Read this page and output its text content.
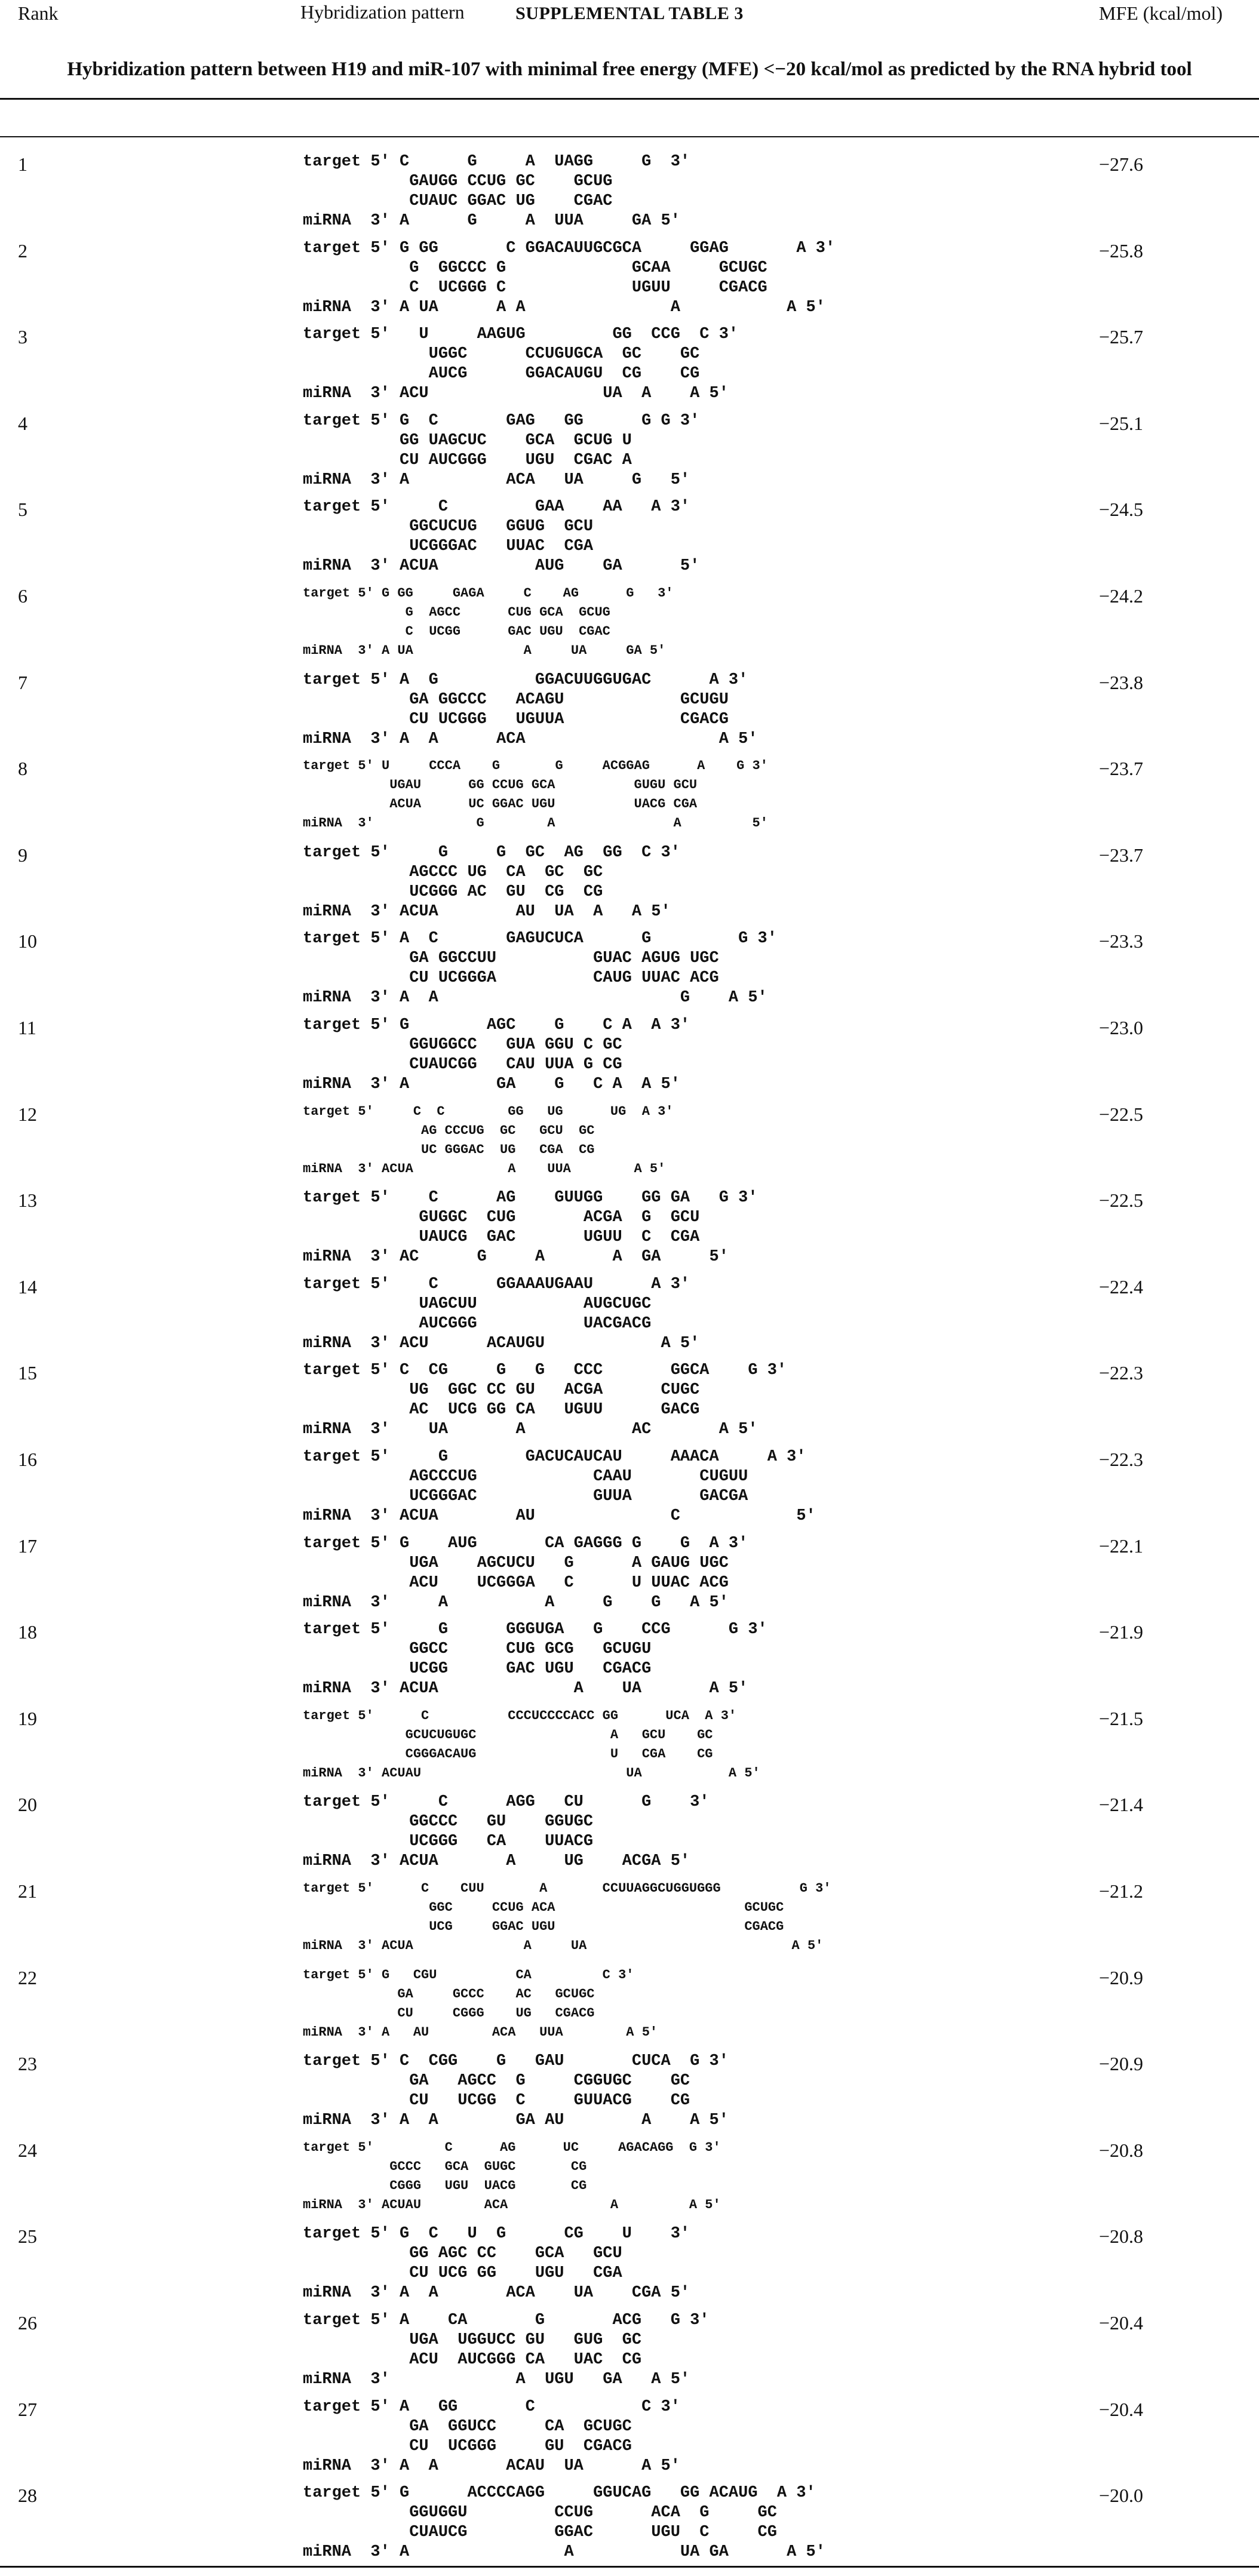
SUPPLEMENTAL TABLE 3
Hybridization pattern between H19 and miR-107 with minimal free energy (MFE) <−20 kcal/mol as predicted by the RNA hybrid tool
Rank	Hybridization pattern	MFE (kcal/mol)
1	target 5' C      G     A  UAGG     G  3'
GAUGG CCUG GC    GCUG
CUAUC GGAC UG    CGAC
miRNA  3' A      G     A  UUA     GA 5'
−27.6
2	target 5' G GG       C GGACAUUGCGCA     GGAG       A 3'
G  GGCCC G             GCAA     GCUGC
C  UCGGG C             UGUU     CGACG
miRNA  3' A UA      A A               A           A 5'
−25.8
3	target 5'   U     AAGUG         GG  CCG  C 3'
UGGC      CCUGUGCA  GC    GC
AUCG      GGACAUGU  CG    CG
miRNA  3' ACU                  UA  A    A 5'
−25.7
4	target 5' G  C       GAG   GG      G G 3'
GG UAGCUC    GCA  GCUG U
CU AUCGGG    UGU  CGAC A
miRNA  3' A          ACA   UA     G   5'
−25.1
5	target 5'     C         GAA    AA   A 3'
GGCUCUG   GGUG  GCU
UCGGGAC   UUAC  CGA
miRNA  3' ACUA          AUG    GA      5'
−24.5
6	target 5' G GG     GAGA     C    AG      G   3'
G  AGCC      CUG GCA  GCUG
C  UCGG      GAC UGU  CGAC
miRNA  3' A UA              A     UA     GA 5'
−24.2
7	target 5' A  G          GGACUUGGUGAC      A 3'
GA GGCCC   ACAGU            GCUGU
CU UCGGG   UGUUA            CGACG
miRNA  3' A  A      ACA                    A 5'
−23.8
8	target 5' U     CCCA    G       G     ACGGAG      A    G 3'
UGAU      GG CCUG GCA          GUGU GCU
ACUA      UC GGAC UGU          UACG CGA
miRNA  3'             G        A               A         5'
−23.7
9	target 5'     G     G  GC  AG  GG  C 3'
AGCCC UG  CA  GC  GC
UCGGG AC  GU  CG  CG
miRNA  3' ACUA        AU  UA  A   A 5'
−23.7
10	target 5' A  C       GAGUCUCA      G         G 3'
GA GGCCUU          GUAC AGUG UGC
CU UCGGGA          CAUG UUAC ACG
miRNA  3' A  A                         G    A 5'
−23.3
11	target 5' G        AGC    G    C A  A 3'
GGUGGCC   GUA GGU C GC
CUAUCGG   CAU UUA G CG
miRNA  3' A         GA    G   C A  A 5'
−23.0
12	target 5'     C  C        GG   UG      UG  A 3'
AG CCCUG  GC   GCU  GC
UC GGGAC  UG   CGA  CG
miRNA  3' ACUA            A    UUA        A 5'
−22.5
13	target 5'    C      AG    GUUGG    GG GA   G 3'
GUGGC  CUG       ACGA  G  GCU
UAUCG  GAC       UGUU  C  CGA
miRNA  3' AC      G     A       A  GA     5'
−22.5
14	target 5'    C      GGAAAUGAAU      A 3'
UAGCUU           AUGCUGC
AUCGGG           UACGACG
miRNA  3' ACU      ACAUGU            A 5'
−22.4
15	target 5' C  CG     G   G   CCC       GGCA    G 3'
UG  GGC CC GU   ACGA      CUGC
AC  UCG GG CA   UGUU      GACG
miRNA  3'    UA       A           AC       A 5'
−22.3
16	target 5'     G        GACUCAUCAU     AAACA     A 3'
AGCCCUG            CAAU       CUGUU
UCGGGAC            GUUA       GACGA
miRNA  3' ACUA        AU              C            5'
−22.3
17	target 5' G    AUG       CA GAGGG G    G  A 3'
UGA    AGCUCU   G      A GAUG UGC
ACU    UCGGGA   C      U UUAC ACG
miRNA  3'     A          A     G    G   A 5'
−22.1
18	target 5'     G      GGGUGA   G    CCG      G 3'
GGCC      CUG GCG   GCUGU
UCGG      GAC UGU   CGACG
miRNA  3' ACUA              A    UA       A 5'
−21.9
19	target 5'      C          CCCUCCCCACC GG      UCA  A 3'
GCUCUGUGC                 A   GCU    GC
CGGGACAUG                 U   CGA    CG
miRNA  3' ACUAU                          UA           A 5'
−21.5
20	target 5'     C      AGG   CU      G    3'
GGCCC   GU    GGUGC
UCGGG   CA    UUACG
miRNA  3' ACUA       A     UG    ACGA 5'
−21.4
21	target 5'      C    CUU       A       CCUUAGGCUGGUGGG          G 3'
GGC     CCUG ACA                        GCUGC
UCG     GGAC UGU                        CGACG
miRNA  3' ACUA              A     UA                          A 5'
−21.2
22	target 5' G   CGU          CA         C 3'
GA     GCCC    AC   GCUGC
CU     CGGG    UG   CGACG
miRNA  3' A   AU        ACA   UUA        A 5'
−20.9
23	target 5' C  CGG    G   GAU       CUCA  G 3'
GA   AGCC  G     CGGUGC    GC
CU   UCGG  C     GUUACG    CG
miRNA  3' A  A        GA AU        A    A 5'
−20.9
24	target 5'         C      AG      UC     AGACAGG  G 3'
GCCC   GCA  GUGC       CG
CGGG   UGU  UACG       CG
miRNA  3' ACUAU        ACA             A         A 5'
−20.8
25	target 5' G  C   U  G      CG    U    3'
GG AGC CC    GCA   GCU
CU UCG GG    UGU   CGA
miRNA  3' A  A       ACA    UA    CGA 5'
−20.8
26	target 5' A    CA       G       ACG   G 3'
UGA  UGGUCC GU   GUG  GC
ACU  AUCGGG CA   UAC  CG
miRNA  3'             A  UGU   GA   A 5'
−20.4
27	target 5' A   GG       C           C 3'
GA  GGUCC     CA  GCUGC
CU  UCGGG     GU  CGACG
miRNA  3' A  A       ACAU  UA      A 5'
−20.4
28	target 5' G      ACCCCAGG     GGUCAG   GG ACAUG  A 3'
GGUGGU         CCUG      ACA  G     GC
CUAUCG         GGAC      UGU  C     CG
miRNA  3' A                A           UA GA      A 5'
−20.0
